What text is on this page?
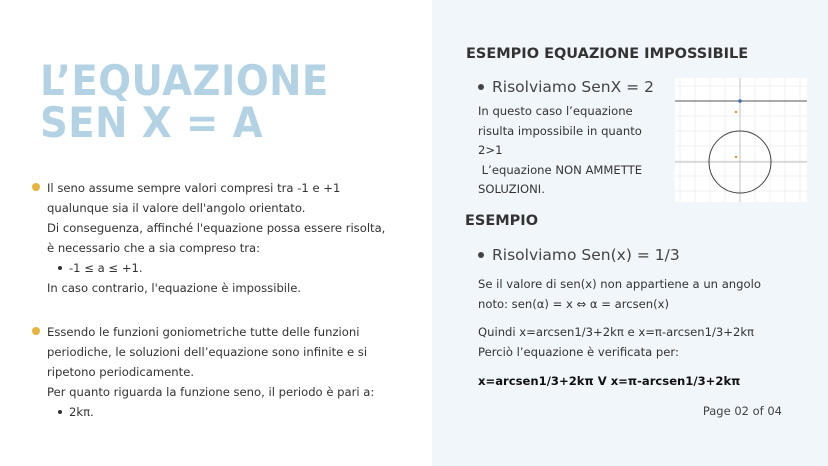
L’EQUAZIONE
SEN X = A

Il seno assume sempre valori compresi tra -1 e +1

qualunque sia il valore dell'angolo orientato.

Di conseguenza, affinché l'equazione possa essere risolta,

è necessario che a sia compreso tra:

-1 ≤ a ≤ +1.

In caso contrario, l'equazione è impossibile.

Essendo le funzioni goniometriche tutte delle funzioni

periodiche, le soluzioni dell’equazione sono infinite e si

ripetono periodicamente.

Per quanto riguarda la funzione seno, il periodo è pari a:

2kπ.
ESEMPIO EQUAZIONE IMPOSSIBILE
Risolviamo SenX = 2

In questo caso l’equazione

risulta impossibile in quanto

2>1

L’equazione NON AMMETTE

SOLUZIONI.

ESEMPIO
Risolviamo Sen(x) = 1/3

Se il valore di sen(x) non appartiene a un angolo

noto: sen(α) = x ⇔ α = arcsen(x)

Quindi x=arcsen1/3+2kπ e x=π-arcsen1/3+2kπ

Perciò l’equazione è verificata per:

x=arcsen1/3+2kπ V x=π-arcsen1/3+2kπ
Page 02 of 04
